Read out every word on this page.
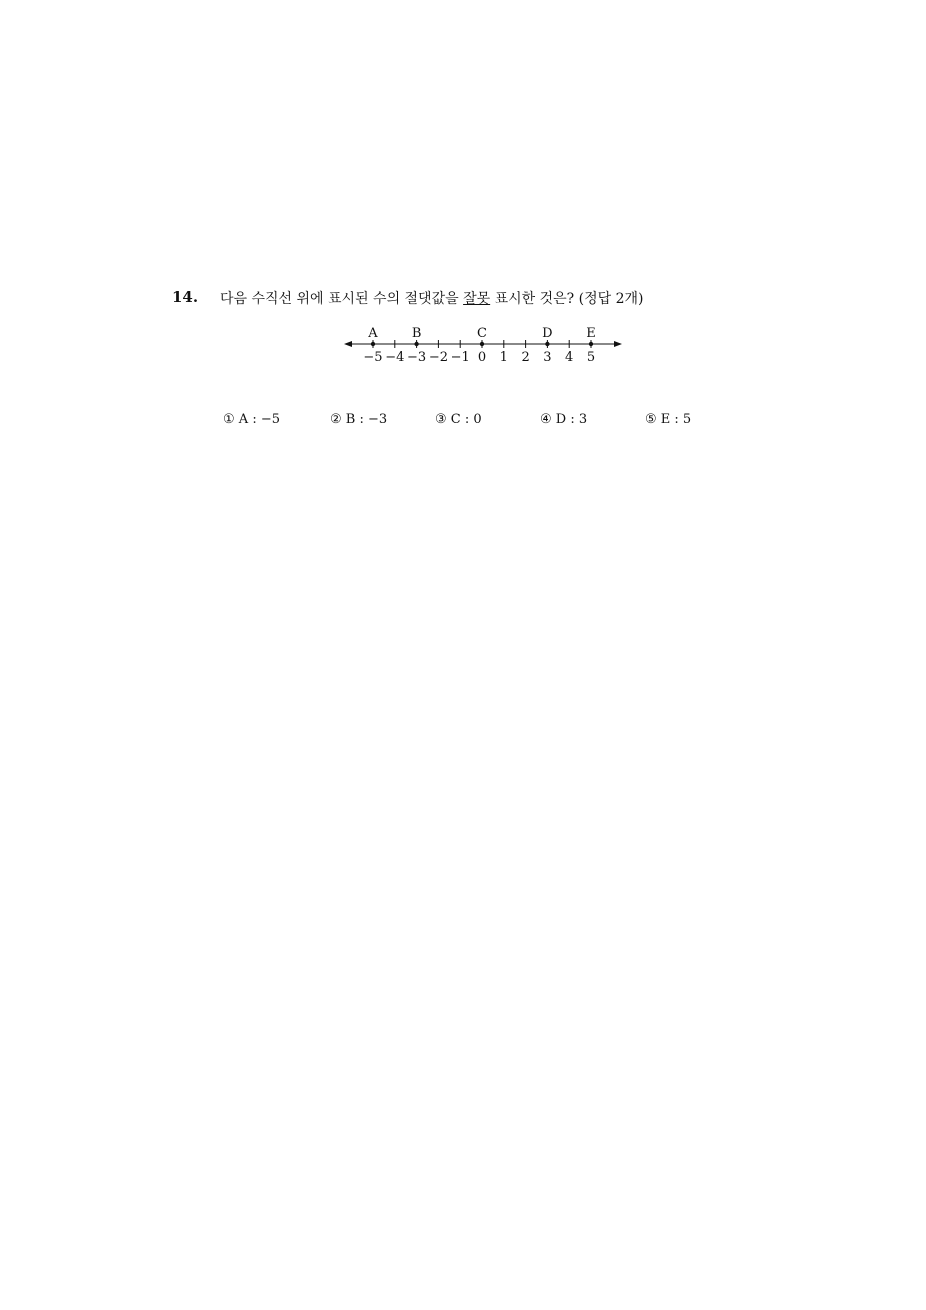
14. 다음 수직선 위에 표시된 수의 절댓값을 잘못 표시한 것은? (정답 2개)
−5 −4 −3 −2 −1 0 1 2 3 4 5
A	B	C	D	E
① A : −5	② B : −3	③ C : 0	④ D : 3	⑤ E : 5
